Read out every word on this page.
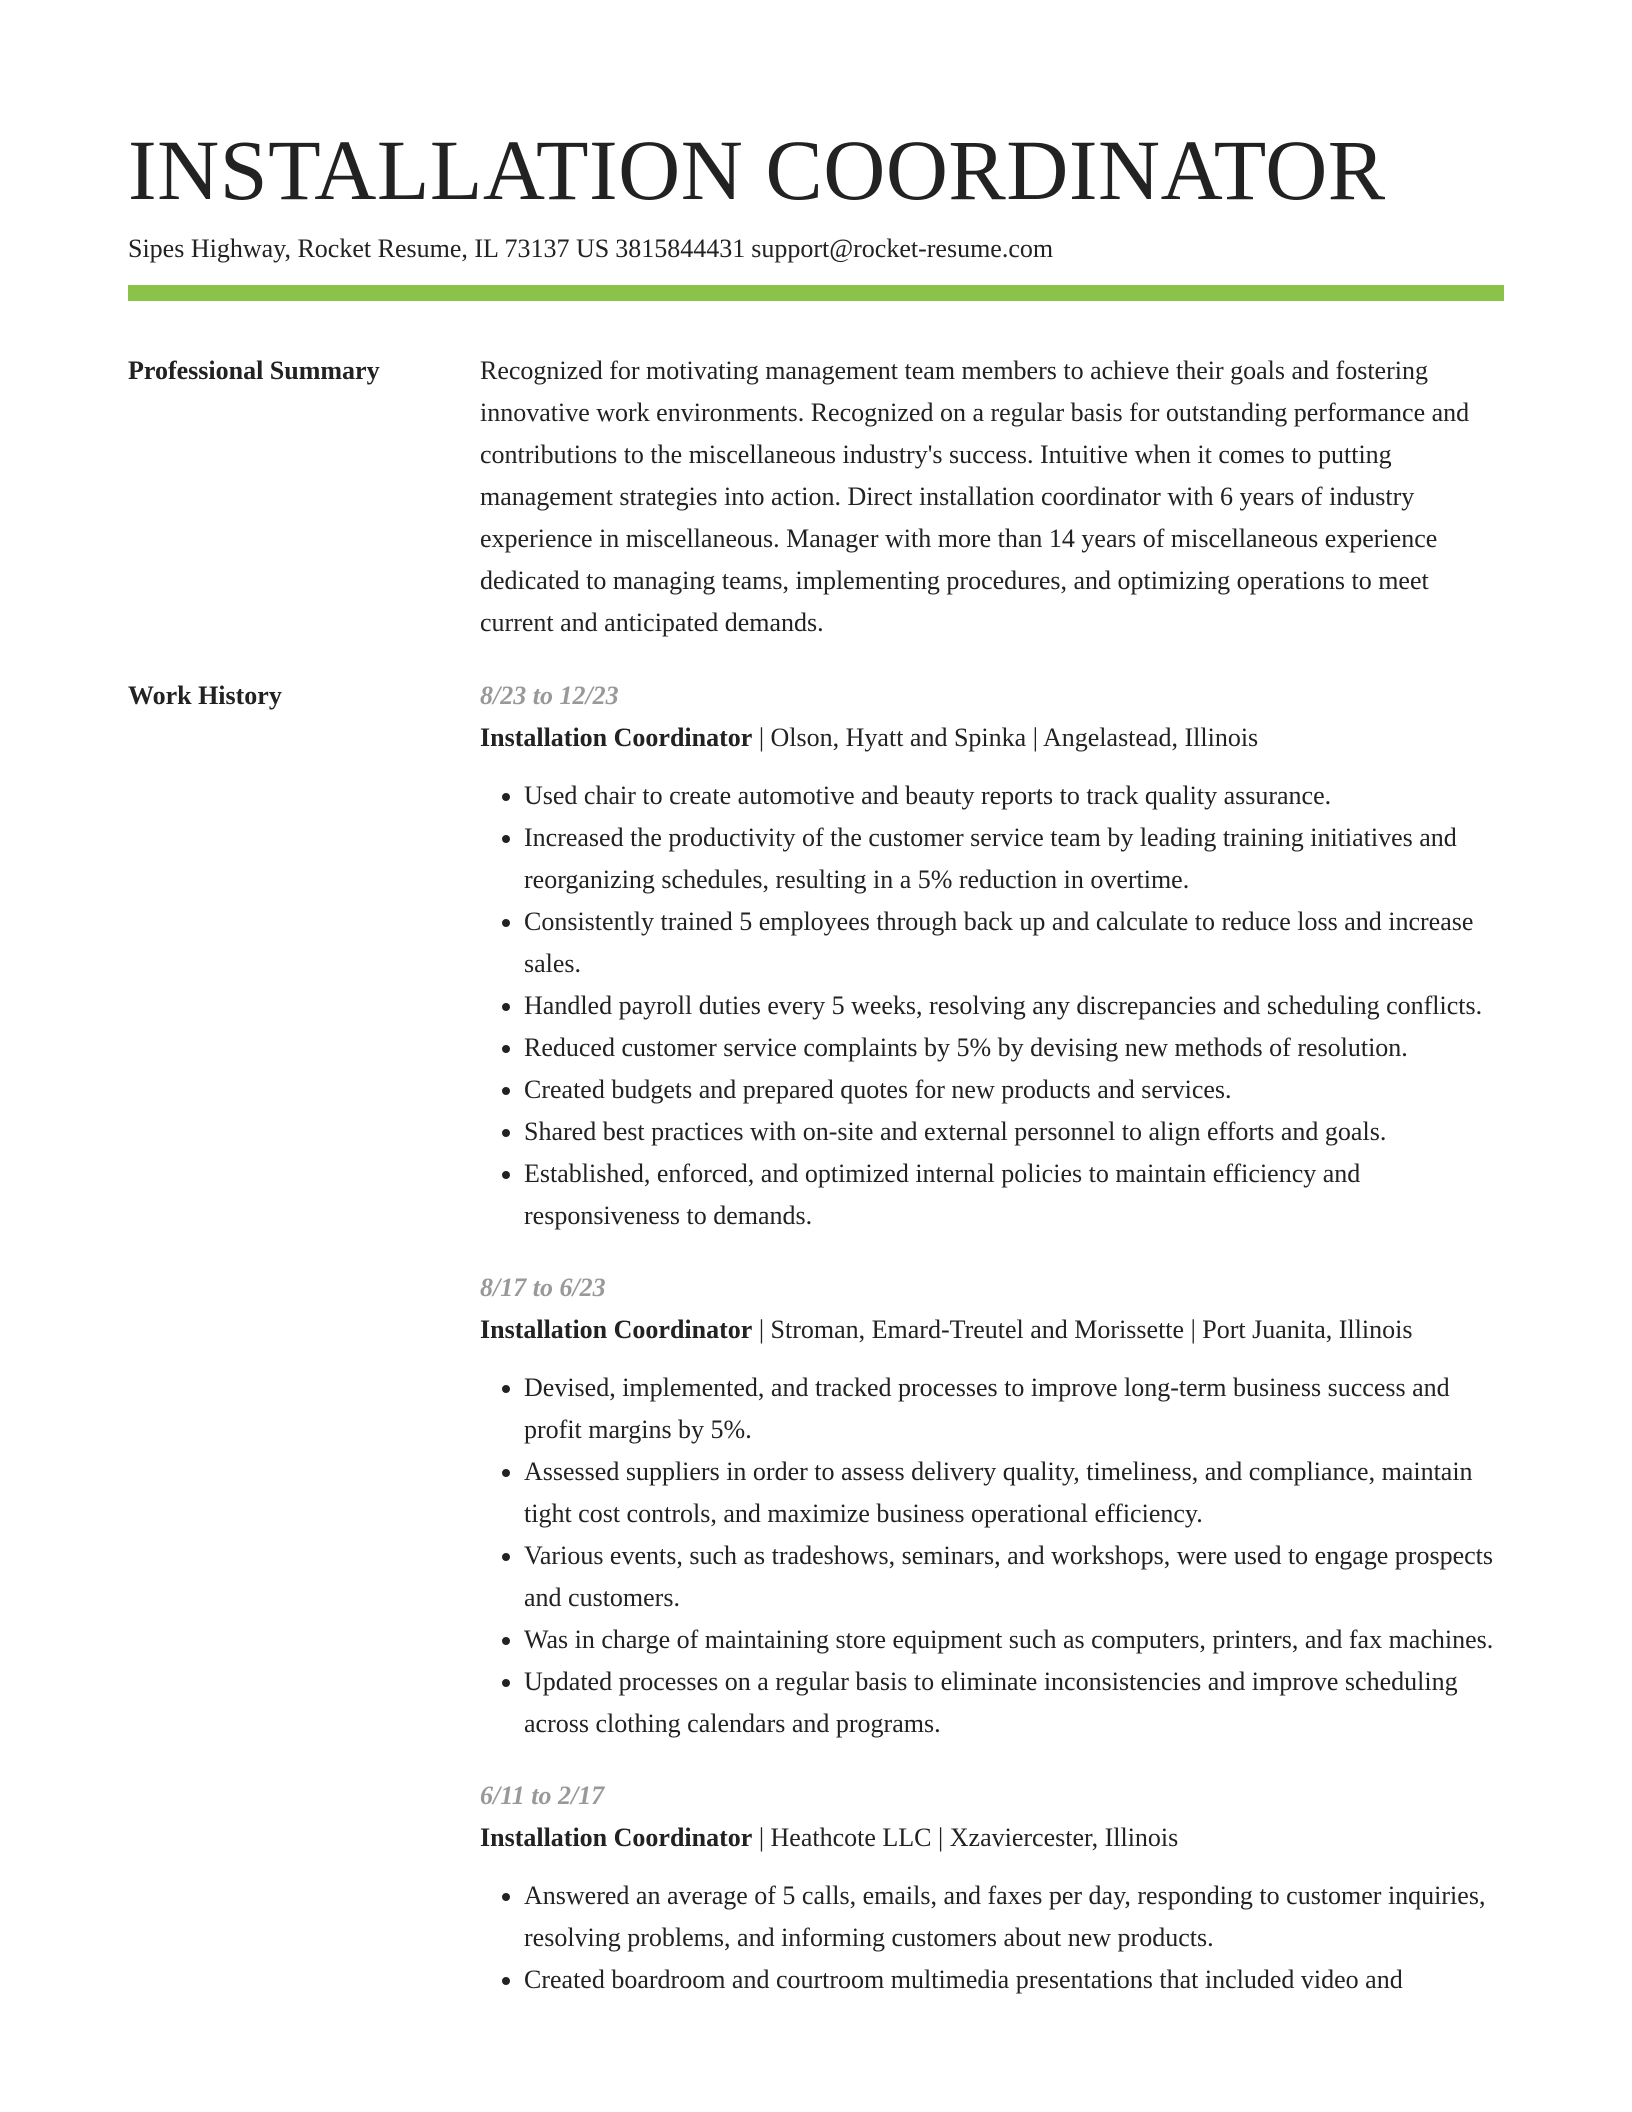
INSTALLATION COORDINATOR
Sipes Highway, Rocket Resume, IL 73137 US 3815844431 support@rocket-resume.com
Professional Summary	Recognized for motivating management team members to achieve their goals and fostering innovative work environments. Recognized on a regular basis for outstanding performance and contributions to the miscellaneous industry's success. Intuitive when it comes to putting management strategies into action. Direct installation coordinator with 6 years of industry experience in miscellaneous. Manager with more than 14 years of miscellaneous experience dedicated to managing teams, implementing procedures, and optimizing operations to meet current and anticipated demands.

Work History	8/23 to 12/23
Installation Coordinator | Olson, Hyatt and Spinka | Angelastead, Illinois
• Used chair to create automotive and beauty reports to track quality assurance.
• Increased the productivity of the customer service team by leading training initiatives and reorganizing schedules, resulting in a 5% reduction in overtime.
• Consistently trained 5 employees through back up and calculate to reduce loss and increase sales.
• Handled payroll duties every 5 weeks, resolving any discrepancies and scheduling conflicts.
• Reduced customer service complaints by 5% by devising new methods of resolution.
• Created budgets and prepared quotes for new products and services.
• Shared best practices with on-site and external personnel to align efforts and goals.
• Established, enforced, and optimized internal policies to maintain efficiency and responsiveness to demands.
8/17 to 6/23
Installation Coordinator | Stroman, Emard-Treutel and Morissette | Port Juanita, Illinois
• Devised, implemented, and tracked processes to improve long-term business success and profit margins by 5%.
• Assessed suppliers in order to assess delivery quality, timeliness, and compliance, maintain tight cost controls, and maximize business operational efficiency.
• Various events, such as tradeshows, seminars, and workshops, were used to engage prospects and customers.
• Was in charge of maintaining store equipment such as computers, printers, and fax machines.
• Updated processes on a regular basis to eliminate inconsistencies and improve scheduling across clothing calendars and programs.
6/11 to 2/17
Installation Coordinator | Heathcote LLC | Xzaviercester, Illinois
• Answered an average of 5 calls, emails, and faxes per day, responding to customer inquiries, resolving problems, and informing customers about new products.
• Created boardroom and courtroom multimedia presentations that included video and
